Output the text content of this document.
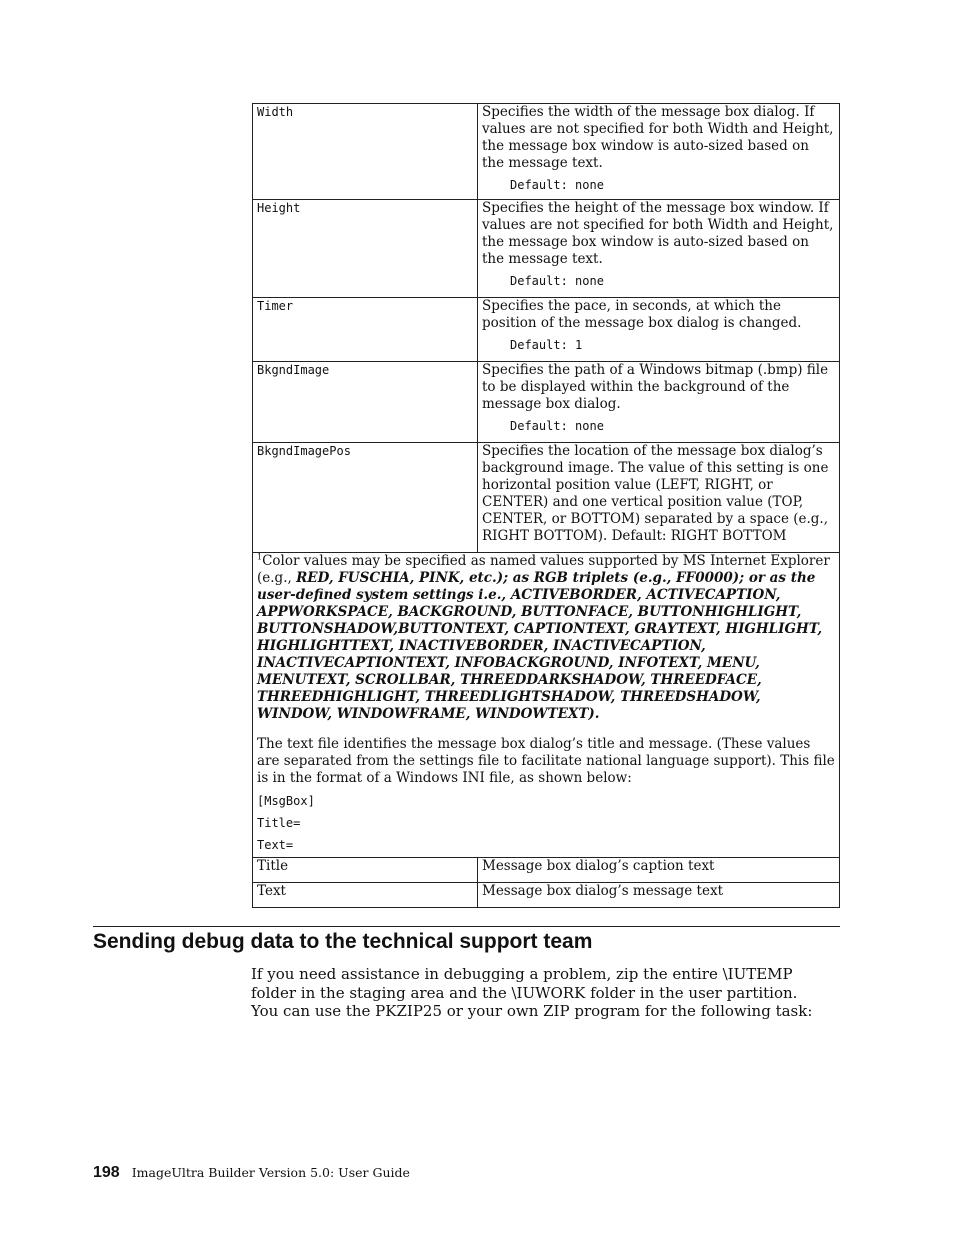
Width	Specifies the width of the message box dialog. If values are not specified for both Width and Height, the message box window is auto-sized based on the message text.
Default: none

Height	Specifies the height of the message box window. If values are not specified for both Width and Height, the message box window is auto-sized based on the message text.
Default: none

Timer	Specifies the pace, in seconds, at which the position of the message box dialog is changed.
Default: 1

BkgndImage	Specifies the path of a Windows bitmap (.bmp) file to be displayed within the background of the message box dialog.
Default: none

BkgndImagePos	Specifies the location of the message box dialog’s background image. The value of this setting is one horizontal position value (LEFT, RIGHT, or CENTER) and one vertical position value (TOP, CENTER, or BOTTOM) separated by a space (e.g., RIGHT BOTTOM). Default: RIGHT BOTTOM

$^1$Color values may be specified as named values supported by MS Internet Explorer (e.g., RED, FUSCHIA, PINK, etc.); as RGB triplets (e.g., FF0000); or as the user-defined system settings i.e., ACTIVEBORDER, ACTIVECAPTION, APPWORKSPACE, BACKGROUND, BUTTONFACE, BUTTONHIGHLIGHT, BUTTONSHADOW,BUTTONTEXT, CAPTIONTEXT, GRAYTEXT, HIGHLIGHT, HIGHLIGHTTEXT, INACTIVEBORDER, INACTIVECAPTION, INACTIVECAPTIONTEXT, INFOBACKGROUND, INFOTEXT, MENU, MENUTEXT, SCROLLBAR, THREEDDARKSHADOW, THREEDFACE, THREEDHIGHLIGHT, THREEDLIGHTSHADOW, THREEDSHADOW, WINDOW, WINDOWFRAME, WINDOWTEXT).
The text file identifies the message box dialog’s title and message. (These values are separated from the settings file to facilitate national language support). This file is in the format of a Windows INI file, as shown below:
[MsgBox]
Title=
Text=	

Title	Message box dialog’s caption text
Text	Message box dialog’s message text
Sending debug data to the technical support team

If you need assistance in debugging a problem, zip the entire \IUTEMP folder in the staging area and the \IUWORK folder in the user partition. You can use the PKZIP25 or your own ZIP program for the following task:

198 ImageUltra Builder Version 5.0: User Guide
